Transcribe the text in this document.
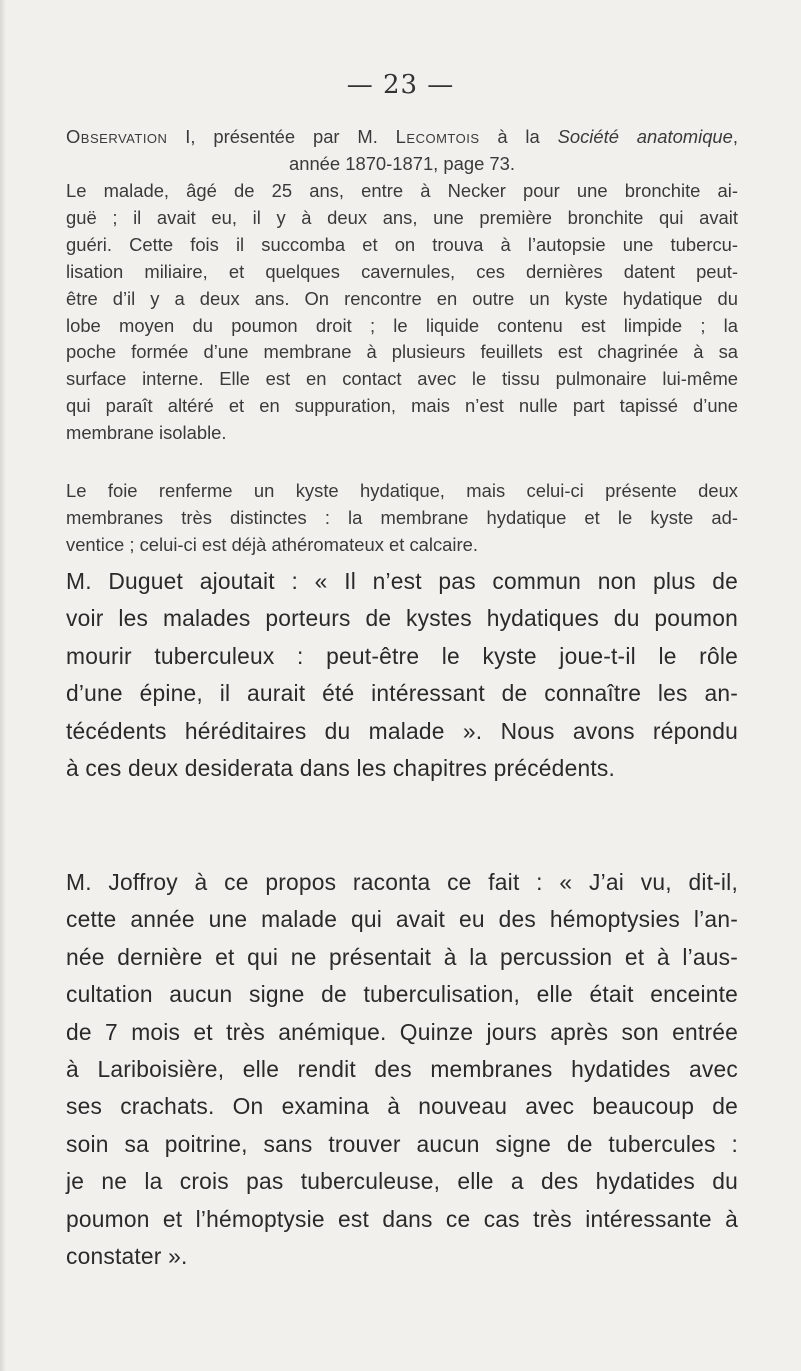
— 23 —
Observation I, présentée par M. Lecomtois à la Société anatomique,
année 1870-1871, page 73.
Le malade, âgé de 25 ans, entre à Necker pour une bronchite ai-
guë ; il avait eu, il y à deux ans, une première bronchite qui avait
guéri. Cette fois il succomba et on trouva à l’autopsie une tubercu-
lisation miliaire, et quelques cavernules, ces dernières datent peut-
être d’il y a deux ans. On rencontre en outre un kyste hydatique du
lobe moyen du poumon droit ; le liquide contenu est limpide ; la
poche formée d’une membrane à plusieurs feuillets est chagrinée à sa
surface interne. Elle est en contact avec le tissu pulmonaire lui-même
qui paraît altéré et en suppuration, mais n’est nulle part tapissé d’une
membrane isolable.
Le foie renferme un kyste hydatique, mais celui-ci présente deux
membranes très distinctes : la membrane hydatique et le kyste ad-
ventice ; celui-ci est déjà athéromateux et calcaire.
M. Duguet ajoutait : « Il n’est pas commun non plus de
voir les malades porteurs de kystes hydatiques du poumon
mourir tuberculeux : peut-être le kyste joue-t-il le rôle
d’une épine, il aurait été intéressant de connaître les an-
técédents héréditaires du malade ». Nous avons répondu
à ces deux desiderata dans les chapitres précédents.
M. Joffroy à ce propos raconta ce fait : « J’ai vu, dit-il,
cette année une malade qui avait eu des hémoptysies l’an-
née dernière et qui ne présentait à la percussion et à l’aus-
cultation aucun signe de tuberculisation, elle était enceinte
de 7 mois et très anémique. Quinze jours après son entrée
à Lariboisière, elle rendit des membranes hydatides avec
ses crachats. On examina à nouveau avec beaucoup de
soin sa poitrine, sans trouver aucun signe de tubercules :
je ne la crois pas tuberculeuse, elle a des hydatides du
poumon et l’hémoptysie est dans ce cas très intéressante à
constater ».
